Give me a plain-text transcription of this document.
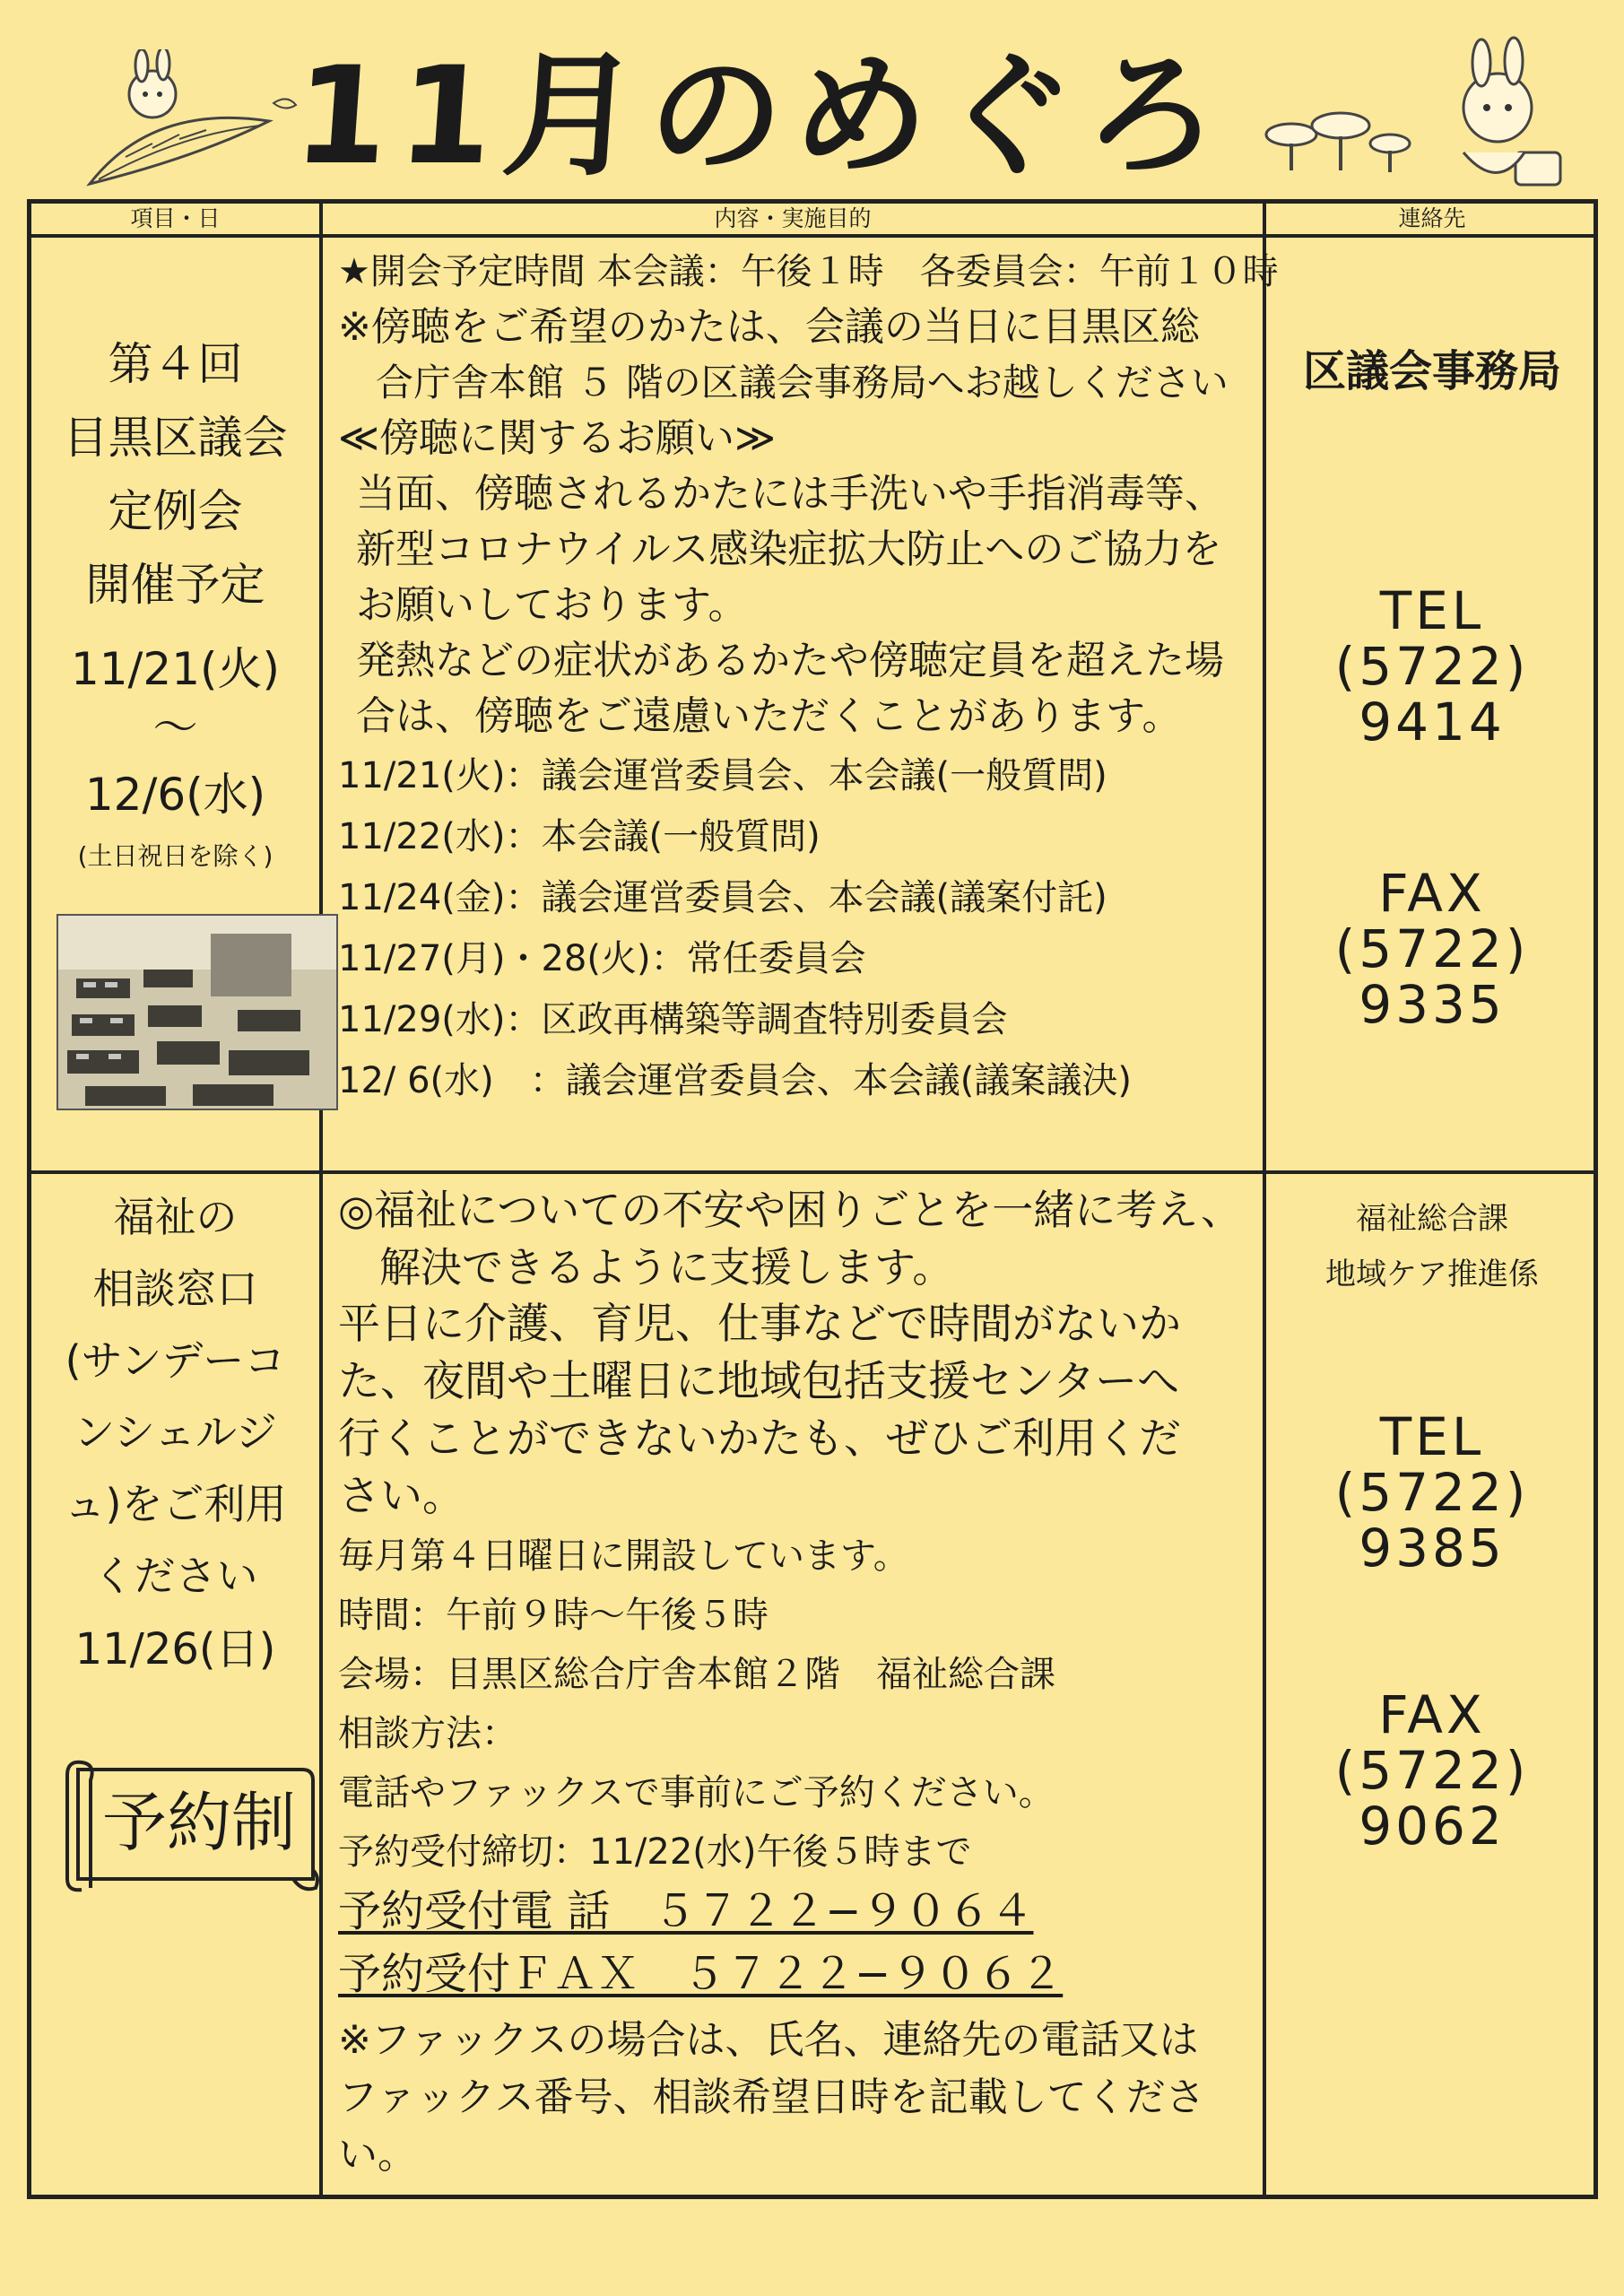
11月のめぐろ
項目・日	内容・実施目的	連絡先
第４回
目黒区議会
定例会
開催予定
11/21(火)
～
12/6(水)
(土日祝日を除く)
★開会予定時間 本会議：午後１時　各委員会：午前１０時
※傍聴をご希望のかたは、会議の当日に目黒区総
　合庁舎本館 ５ 階の区議会事務局へお越しください
≪傍聴に関するお願い≫
当面、傍聴されるかたには手洗いや手指消毒等、
新型コロナウイルス感染症拡大防止へのご協力を
お願いしております。
発熱などの症状があるかたや傍聴定員を超えた場
合は、傍聴をご遠慮いただくことがあります。
11/21(火)：議会運営委員会、本会議(一般質問)
11/22(水)：本会議(一般質問)
11/24(金)：議会運営委員会、本会議(議案付託)
11/27(月)・28(火)：常任委員会
11/29(水)：区政再構築等調査特別委員会
12/ 6(水)　：議会運営委員会、本会議(議案議決)
区議会事務局
TEL
(5722)
9414
FAX
(5722)
9335
福祉の
相談窓口
(サンデーコ
ンシェルジ
ュ)をご利用
ください
11/26(日)
◎福祉についての不安や困りごとを一緒に考え、
　解決できるように支援します。
平日に介護、育児、仕事などで時間がないか
た、夜間や土曜日に地域包括支援センターへ
行くことができないかたも、ぜひご利用くだ
さい。
毎月第４日曜日に開設しています。
時間：午前９時～午後５時
会場：目黒区総合庁舎本館２階　福祉総合課
相談方法：
電話やファックスで事前にご予約ください。
予約受付締切：11/22(水)午後５時まで
予約受付電 話　５７２２−９０６４
予約受付ＦＡＸ　５７２２−９０６２
※ファックスの場合は、氏名、連絡先の電話又は
ファックス番号、相談希望日時を記載してくださ
い。
福祉総合課
地域ケア推進係
TEL
(5722)
9385
FAX
(5722)
9062
予約制
